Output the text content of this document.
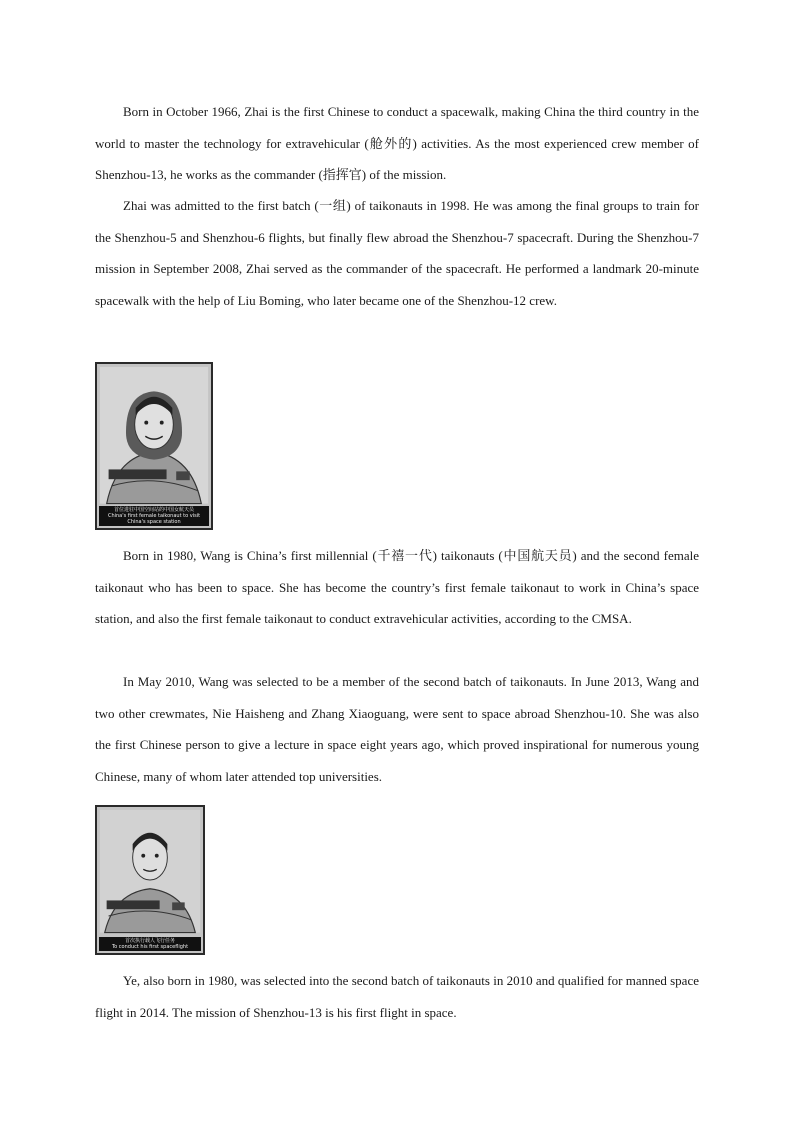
Born in October 1966, Zhai is the first Chinese to conduct a spacewalk, making China the third country in the world to master the technology for extravehicular (舱外的) activities. As the most experienced crew member of Shenzhou-13, he works as the commander (指挥官) of the mission.

Zhai was admitted to the first batch (一组) of taikonauts in 1998. He was among the final groups to train for the Shenzhou-5 and Shenzhou-6 flights, but finally flew abroad the Shenzhou-7 spacecraft. During the Shenzhou-7 mission in September 2008, Zhai served as the commander of the spacecraft. He performed a landmark 20-minute spacewalk with the help of Liu Boming, who later became one of the Shenzhou-12 crew.

首位进驻中国空间站的中国女航天员
China's first female taikonaut to visit China's space station

Born in 1980, Wang is China’s first millennial (千禧一代) taikonauts (中国航天员) and the second female taikonaut who has been to space. She has become the country’s first female taikonaut to work in China’s space station, and also the first female taikonaut to conduct extravehicular activities, according to the CMSA.

In May 2010, Wang was selected to be a member of the second batch of taikonauts. In June 2013, Wang and two other crewmates, Nie Haisheng and Zhang Xiaoguang, were sent to space abroad Shenzhou-10. She was also the first Chinese person to give a lecture in space eight years ago, which proved inspirational for numerous young Chinese, many of whom later attended top universities.

首次执行载人飞行任务
To conduct his first spaceflight

Ye, also born in 1980, was selected into the second batch of taikonauts in 2010 and qualified for manned space flight in 2014. The mission of Shenzhou-13 is his first flight in space.
